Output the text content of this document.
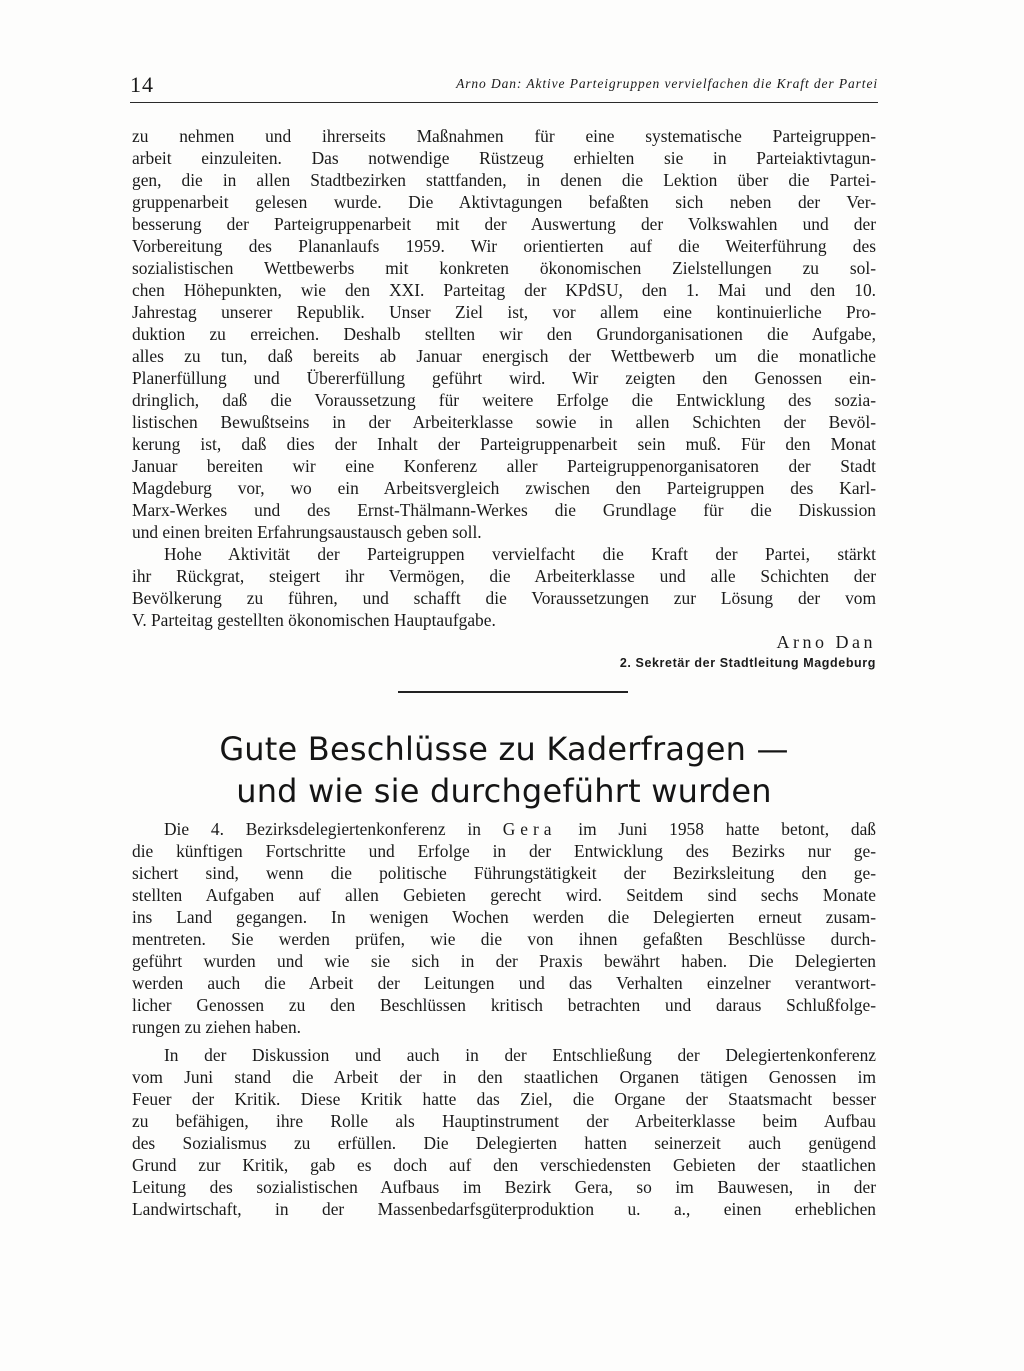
14	Arno Dan: Aktive Parteigruppen vervielfachen die Kraft der Partei
zu nehmen und ihrerseits Maßnahmen für eine systematische Parteigruppen-
arbeit einzuleiten. Das notwendige Rüstzeug erhielten sie in Parteiaktivtagun-
gen, die in allen Stadtbezirken stattfanden, in denen die Lektion über die Partei-
gruppenarbeit gelesen wurde. Die Aktivtagungen befaßten sich neben der Ver-
besserung der Parteigruppenarbeit mit der Auswertung der Volkswahlen und der
Vorbereitung des Plananlaufs 1959. Wir orientierten auf die Weiterführung des
sozialistischen Wettbewerbs mit konkreten ökonomischen Zielstellungen zu sol-
chen Höhepunkten, wie den XXI. Parteitag der KPdSU, den 1. Mai und den 10.
Jahrestag unserer Republik. Unser Ziel ist, vor allem eine kontinuierliche Pro-
duktion zu erreichen. Deshalb stellten wir den Grundorganisationen die Aufgabe,
alles zu tun, daß bereits ab Januar energisch der Wettbewerb um die monatliche
Planerfüllung und Übererfüllung geführt wird. Wir zeigten den Genossen ein-
dringlich, daß die Voraussetzung für weitere Erfolge die Entwicklung des sozia-
listischen Bewußtseins in der Arbeiterklasse sowie in allen Schichten der Bevöl-
kerung ist, daß dies der Inhalt der Parteigruppenarbeit sein muß. Für den Monat
Januar bereiten wir eine Konferenz aller Parteigruppenorganisatoren der Stadt
Magdeburg vor, wo ein Arbeitsvergleich zwischen den Parteigruppen des Karl-
Marx-Werkes und des Ernst-Thälmann-Werkes die Grundlage für die Diskussion
und einen breiten Erfahrungsaustausch geben soll.
Hohe Aktivität der Parteigruppen vervielfacht die Kraft der Partei, stärkt
ihr Rückgrat, steigert ihr Vermögen, die Arbeiterklasse und alle Schichten der
Bevölkerung zu führen, und schafft die Voraussetzungen zur Lösung der vom
V. Parteitag gestellten ökonomischen Hauptaufgabe.
Arno Dan
2. Sekretär der Stadtleitung Magdeburg
Gute Beschlüsse zu Kaderfragen —
und wie sie durchgeführt wurden
Die 4. Bezirksdelegiertenkonferenz in Gera im Juni 1958 hatte betont, daß
die künftigen Fortschritte und Erfolge in der Entwicklung des Bezirks nur ge-
sichert sind, wenn die politische Führungstätigkeit der Bezirksleitung den ge-
stellten Aufgaben auf allen Gebieten gerecht wird. Seitdem sind sechs Monate
ins Land gegangen. In wenigen Wochen werden die Delegierten erneut zusam-
mentreten. Sie werden prüfen, wie die von ihnen gefaßten Beschlüsse durch-
geführt wurden und wie sie sich in der Praxis bewährt haben. Die Delegierten
werden auch die Arbeit der Leitungen und das Verhalten einzelner verantwort-
licher Genossen zu den Beschlüssen kritisch betrachten und daraus Schlußfolge-
rungen zu ziehen haben.
In der Diskussion und auch in der Entschließung der Delegiertenkonferenz
vom Juni stand die Arbeit der in den staatlichen Organen tätigen Genossen im
Feuer der Kritik. Diese Kritik hatte das Ziel, die Organe der Staatsmacht besser
zu befähigen, ihre Rolle als Hauptinstrument der Arbeiterklasse beim Aufbau
des Sozialismus zu erfüllen. Die Delegierten hatten seinerzeit auch genügend
Grund zur Kritik, gab es doch auf den verschiedensten Gebieten der staatlichen
Leitung des sozialistischen Aufbaus im Bezirk Gera, so im Bauwesen, in der
Landwirtschaft, in der Massenbedarfsgüterproduktion u. a., einen erheblichen
